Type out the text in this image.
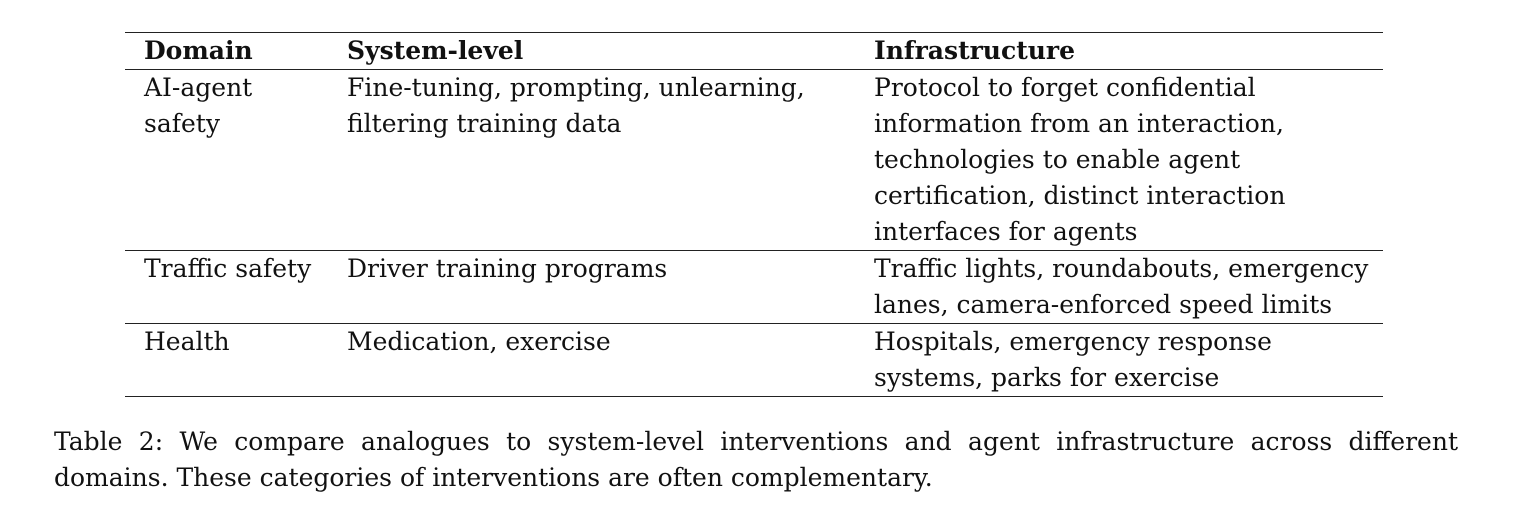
Domain	System-level	Infrastructure
AI-agent safety	Fine-tuning, prompting, unlearning, filtering training data	Protocol to forget confidential information from an interaction, technologies to enable agent certification, distinct interaction interfaces for agents
Traffic safety	Driver training programs	Traffic lights, roundabouts, emergency lanes, camera-enforced speed limits
Health	Medication, exercise	Hospitals, emergency response systems, parks for exercise
Table 2: We compare analogues to system-level interventions and agent infrastructure across different domains. These categories of interventions are often complementary.
